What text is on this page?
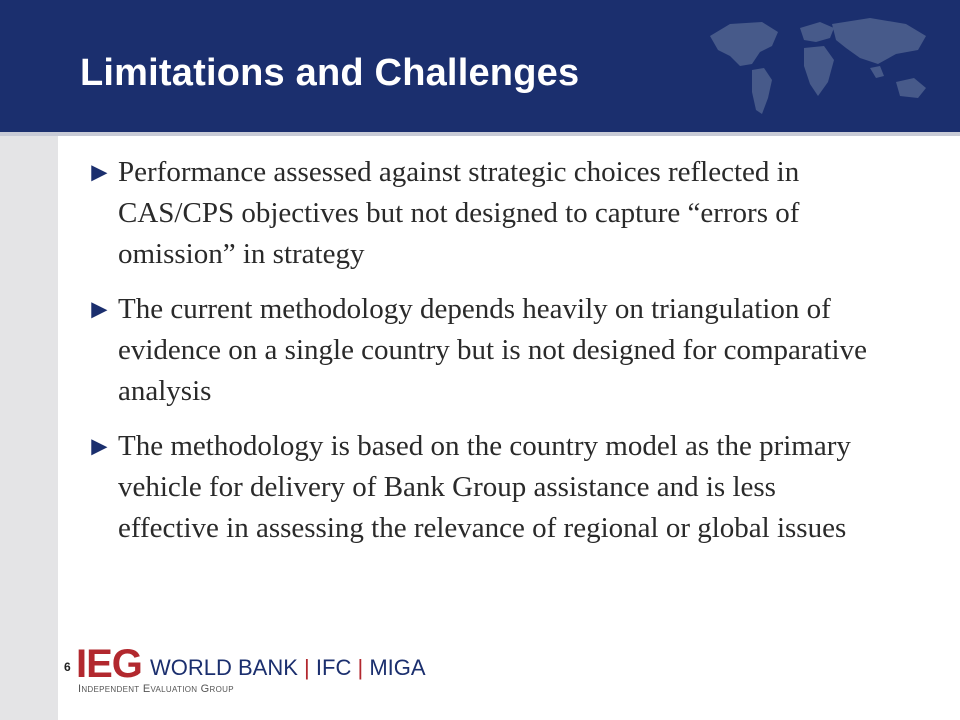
Limitations and Challenges
► Performance assessed against strategic choices reflected in CAS/CPS objectives but not designed to capture “errors of omission” in strategy
► The current methodology depends heavily on triangulation of evidence on a single country but is not designed for comparative analysis
► The methodology is based on the country model as the primary vehicle for delivery of Bank Group assistance and is less effective in assessing the relevance of regional or global issues
6 IEG WORLD BANK | IFC | MIGA
Independent Evaluation Group
